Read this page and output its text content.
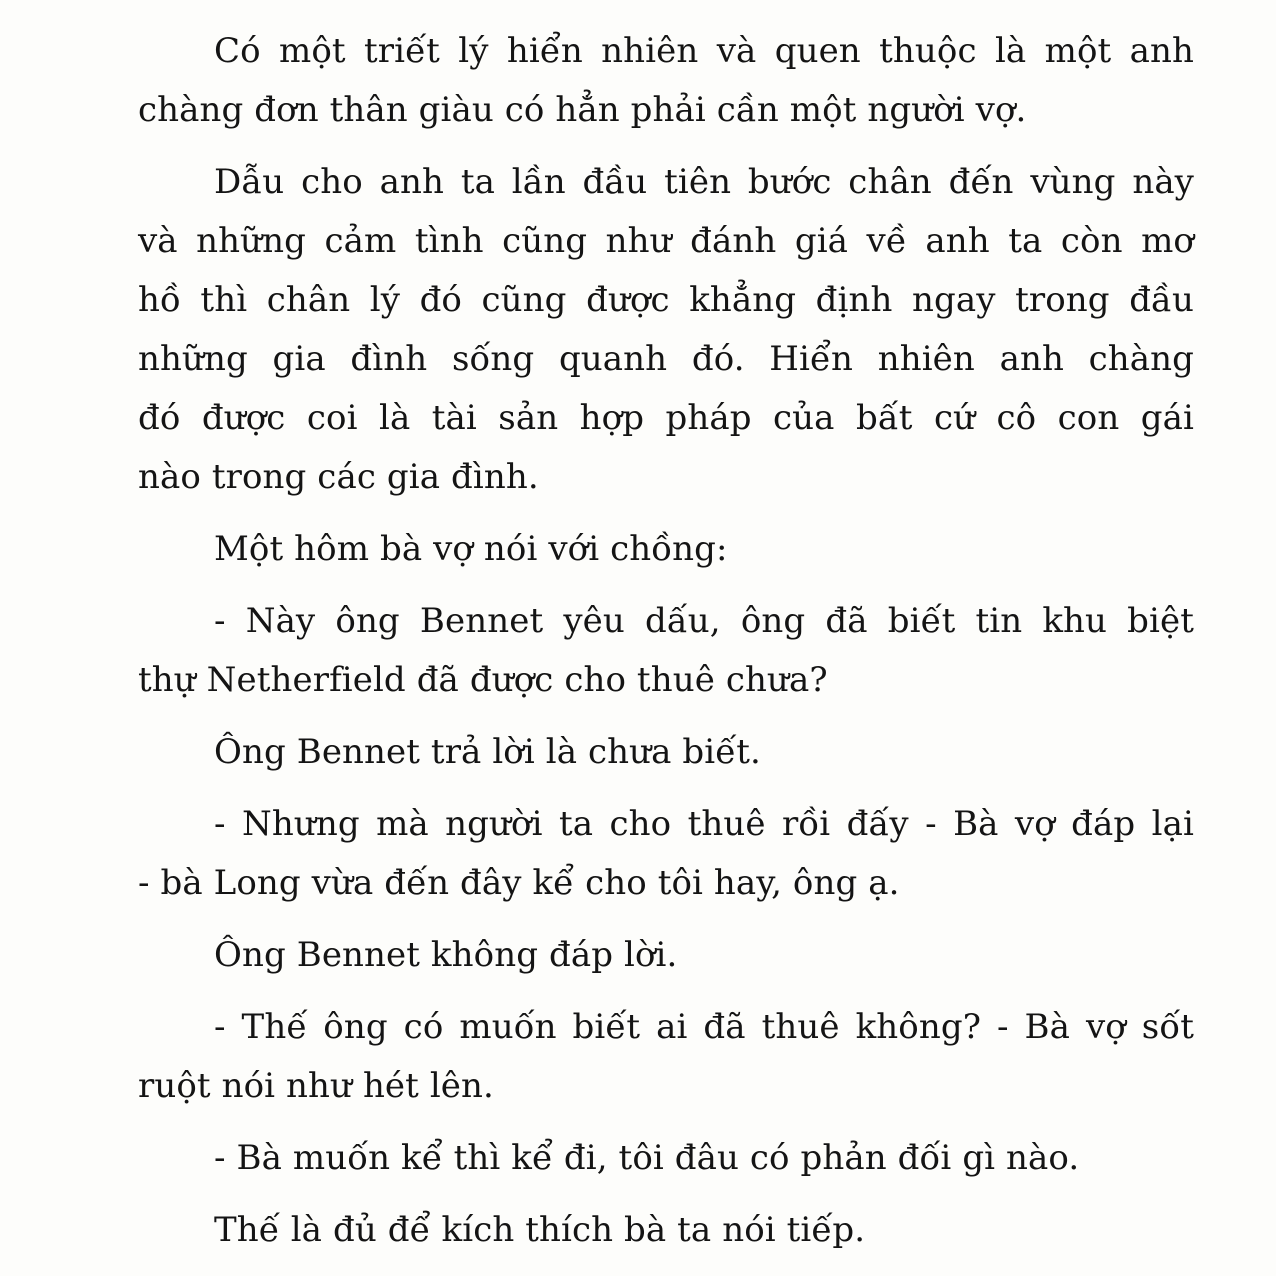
Có một triết lý hiển nhiên và quen thuộc là một anh
chàng đơn thân giàu có hẳn phải cần một người vợ.
Dẫu cho anh ta lần đầu tiên bước chân đến vùng này
và những cảm tình cũng như đánh giá về anh ta còn mơ
hồ thì chân lý đó cũng được khẳng định ngay trong đầu
những gia đình sống quanh đó. Hiển nhiên anh chàng
đó được coi là tài sản hợp pháp của bất cứ cô con gái
nào trong các gia đình.
Một hôm bà vợ nói với chồng:
- Này ông Bennet yêu dấu, ông đã biết tin khu biệt
thự Netherfield đã được cho thuê chưa?
Ông Bennet trả lời là chưa biết.
- Nhưng mà người ta cho thuê rồi đấy - Bà vợ đáp lại
- bà Long vừa đến đây kể cho tôi hay, ông ạ.
Ông Bennet không đáp lời.
- Thế ông có muốn biết ai đã thuê không? - Bà vợ sốt
ruột nói như hét lên.
- Bà muốn kể thì kể đi, tôi đâu có phản đối gì nào.
Thế là đủ để kích thích bà ta nói tiếp.
